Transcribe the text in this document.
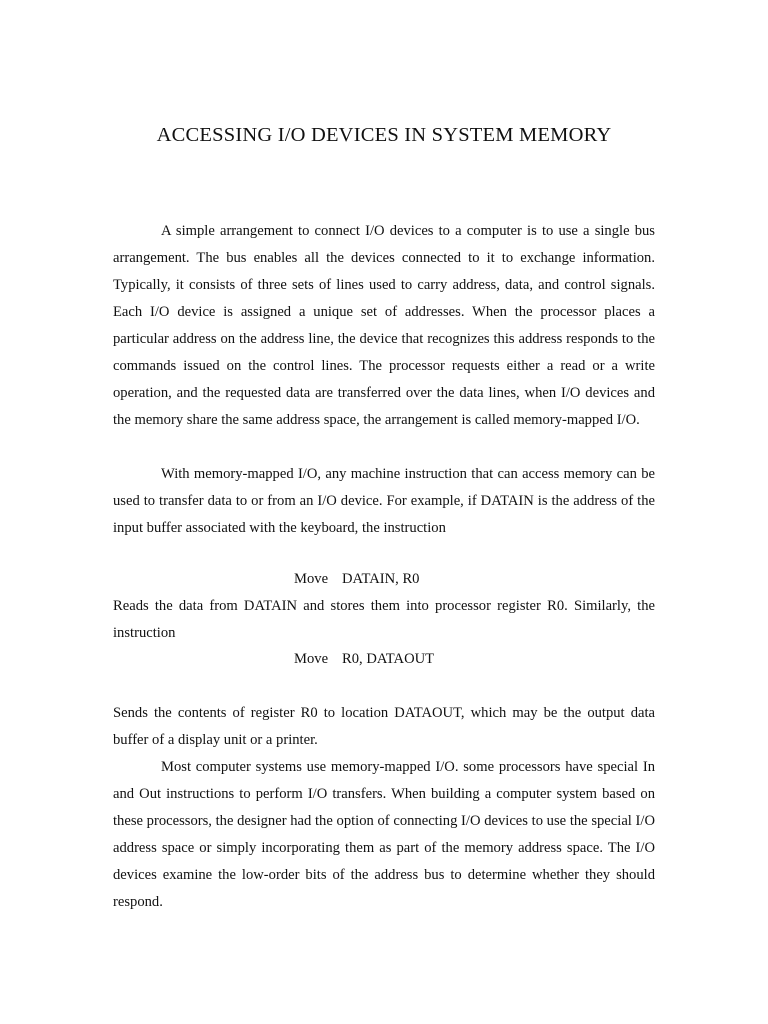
ACCESSING I/O DEVICES IN SYSTEM MEMORY

A simple arrangement to connect I/O devices to a computer is to use a single bus arrangement. The bus enables all the devices connected to it to exchange information. Typically, it consists of three sets of lines used to carry address, data, and control signals. Each I/O device is assigned a unique set of addresses. When the processor places a particular address on the address line, the device that recognizes this address responds to the commands issued on the control lines. The processor requests either a read or a write operation, and the requested data are transferred over the data lines, when I/O devices and the memory share the same address space, the arrangement is called memory-mapped I/O.

With memory-mapped I/O, any machine instruction that can access memory can be used to transfer data to or from an I/O device. For example, if DATAIN is the address of the input buffer associated with the keyboard, the instruction

Move DATAIN, R0

Reads the data from DATAIN and stores them into processor register R0. Similarly, the instruction

Move R0, DATAOUT

Sends the contents of register R0 to location DATAOUT, which may be the output data buffer of a display unit or a printer.

Most computer systems use memory-mapped I/O. some processors have special In and Out instructions to perform I/O transfers. When building a computer system based on these processors, the designer had the option of connecting I/O devices to use the special I/O address space or simply incorporating them as part of the memory address space. The I/O devices examine the low-order bits of the address bus to determine whether they should respond.
